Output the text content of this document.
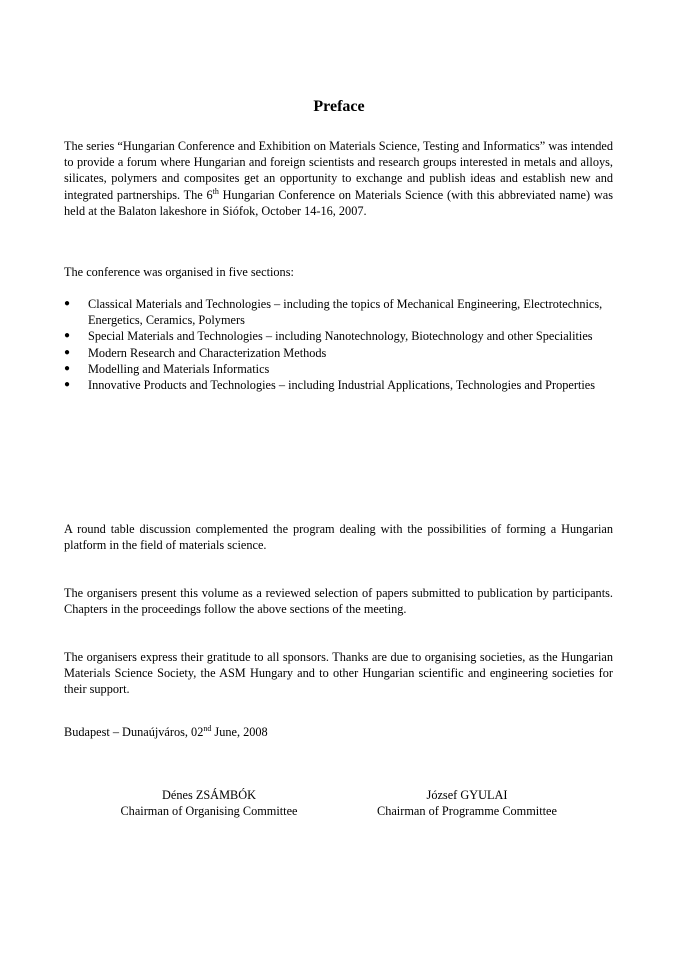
Preface

The series “Hungarian Conference and Exhibition on Materials Science, Testing and Informatics” was intended to provide a forum where Hungarian and foreign scientists and research groups interested in metals and alloys, silicates, polymers and composites get an opportunity to exchange and publish ideas and establish new and integrated partnerships. The 6th Hungarian Conference on Materials Science (with this abbreviated name) was held at the Balaton lakeshore in Siófok, October 14-16, 2007.

The conference was organised in five sections:

● Classical Materials and Technologies – including the topics of Mechanical Engineering, Electrotechnics, Energetics, Ceramics, Polymers
● Special Materials and Technologies – including Nanotechnology, Biotechnology and other Specialities
● Modern Research and Characterization Methods
● Modelling and Materials Informatics
● Innovative Products and Technologies – including Industrial Applications, Technologies and Properties

A round table discussion complemented the program dealing with the possibilities of forming a Hungarian platform in the field of materials science.

The organisers present this volume as a reviewed selection of papers submitted to publication by participants. Chapters in the proceedings follow the above sections of the meeting.

The organisers express their gratitude to all sponsors. Thanks are due to organising societies, as the Hungarian Materials Science Society, the ASM Hungary and to other Hungarian scientific and engineering societies for their support.

Budapest – Dunaújváros, 02nd June, 2008

Dénes ZSÁMBÓK
Chairman of Organising Committee
József GYULAI
Chairman of Programme Committee
